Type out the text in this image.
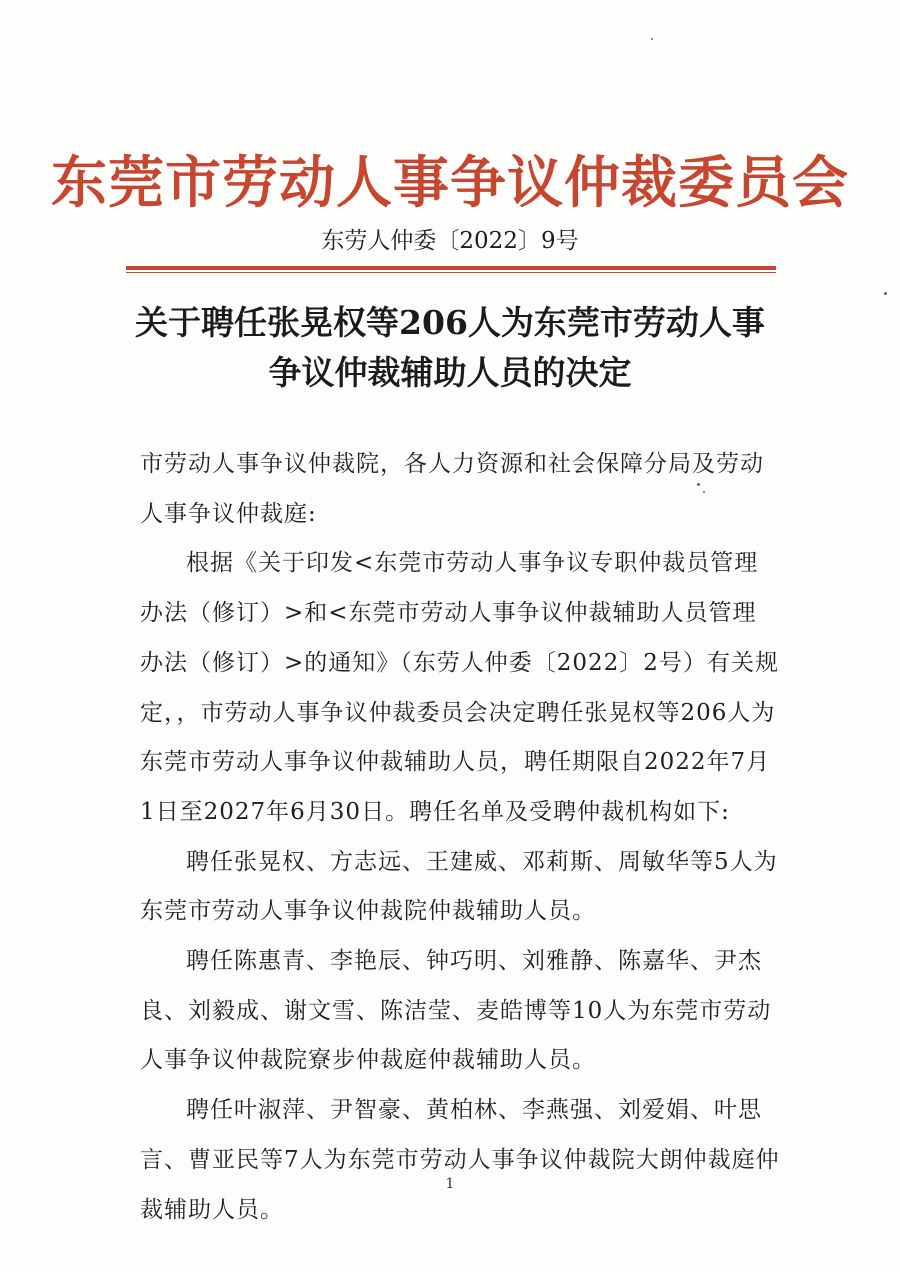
东莞市劳动人事争议仲裁委员会
东劳人仲委〔2022〕9号
关于聘任张晃权等206人为东莞市劳动人事
争议仲裁辅助人员的决定

市劳动人事争议仲裁院，各人力资源和社会保障分局及劳动人事争议仲裁庭:

根据《关于印发<东莞市劳动人事争议专职仲裁员管理办法（修订）>和<东莞市劳动人事争议仲裁辅助人员管理办法（修订）>的通知》（东劳人仲委〔2022〕2号）有关规定，，市劳动人事争议仲裁委员会决定聘任张晃权等206人为东莞市劳动人事争议仲裁辅助人员，聘任期限自2022年7月1日至2027年6月30日。聘任名单及受聘仲裁机构如下:

聘任张晃权、方志远、王建威、邓莉斯、周敏华等5人为东莞市劳动人事争议仲裁院仲裁辅助人员。

聘任陈惠青、李艳辰、钟巧明、刘雅静、陈嘉华、尹杰良、刘毅成、谢文雪、陈洁莹、麦皓博等10人为东莞市劳动人事争议仲裁院寮步仲裁庭仲裁辅助人员。

聘任叶淑萍、尹智豪、黄柏林、李燕强、刘爱娟、叶思言、曹亚民等7人为东莞市劳动人事争议仲裁院大朗仲裁庭仲裁辅助人员。

1
